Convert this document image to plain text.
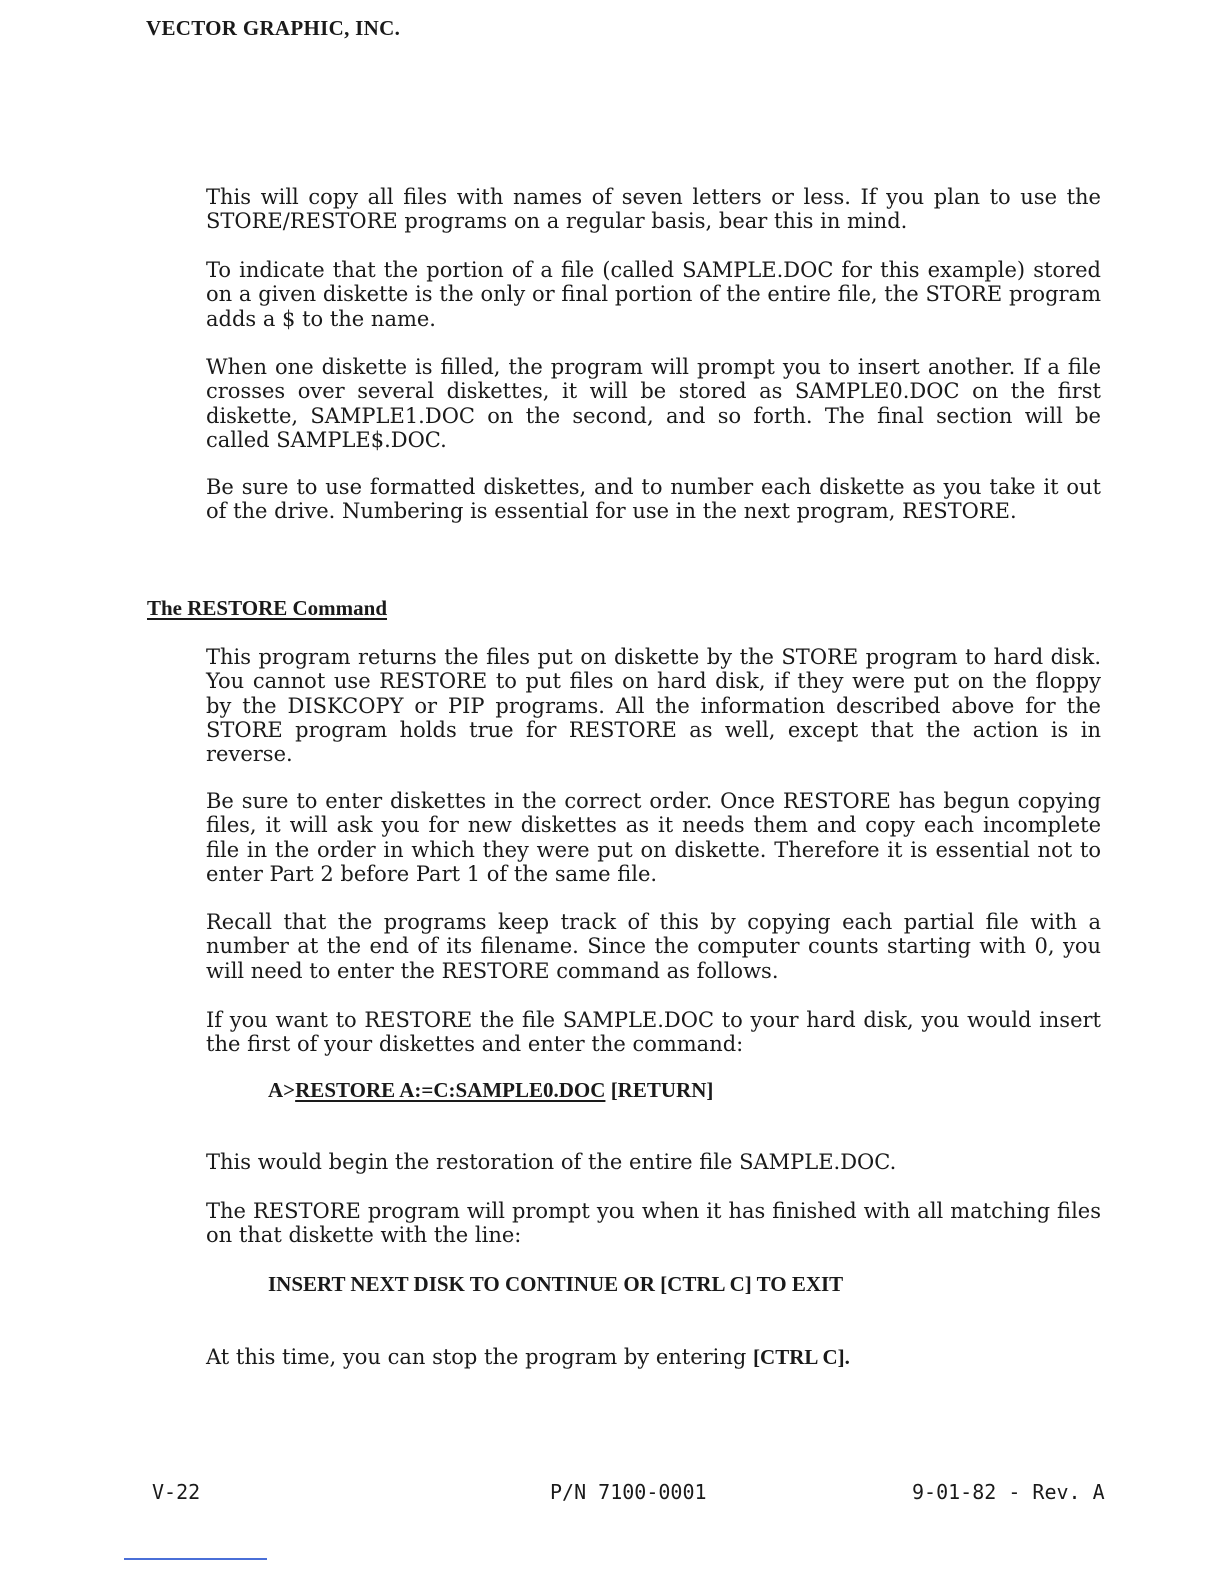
VECTOR GRAPHIC, INC.

This will copy all files with names of seven letters or less. If you plan to use the STORE/RESTORE programs on a regular basis, bear this in mind.

To indicate that the portion of a file (called SAMPLE.DOC for this example) stored on a given diskette is the only or final portion of the entire file, the STORE program adds a $ to the name.

When one diskette is filled, the program will prompt you to insert another. If a file crosses over several diskettes, it will be stored as SAMPLE0.DOC on the first diskette, SAMPLE1.DOC on the second, and so forth. The final section will be called SAMPLE$.DOC.

Be sure to use formatted diskettes, and to number each diskette as you take it out of the drive. Numbering is essential for use in the next program, RESTORE.

The RESTORE Command

This program returns the files put on diskette by the STORE program to hard disk. You cannot use RESTORE to put files on hard disk, if they were put on the floppy by the DISKCOPY or PIP programs. All the information described above for the STORE program holds true for RESTORE as well, except that the action is in reverse.

Be sure to enter diskettes in the correct order. Once RESTORE has begun copying files, it will ask you for new diskettes as it needs them and copy each incomplete file in the order in which they were put on diskette. Therefore it is essential not to enter Part 2 before Part 1 of the same file.

Recall that the programs keep track of this by copying each partial file with a number at the end of its filename. Since the computer counts starting with 0, you will need to enter the RESTORE command as follows.

If you want to RESTORE the file SAMPLE.DOC to your hard disk, you would insert the first of your diskettes and enter the command:

A>RESTORE A:=C:SAMPLE0.DOC [RETURN]

This would begin the restoration of the entire file SAMPLE.DOC.

The RESTORE program will prompt you when it has finished with all matching files on that diskette with the line:

INSERT NEXT DISK TO CONTINUE OR [CTRL C] TO EXIT

At this time, you can stop the program by entering [CTRL C].

V-22	P/N 7100-0001	9-01-82 - Rev. A
